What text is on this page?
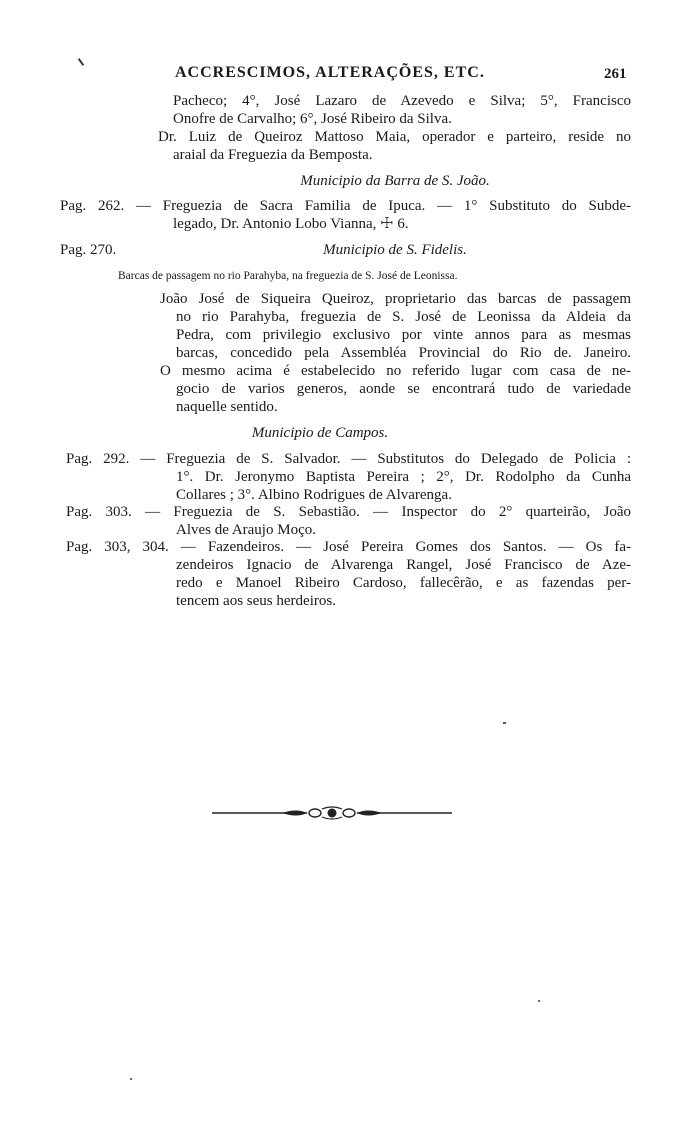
ACCRESCIMOS, ALTERAÇÕES, ETC.	261
Pacheco; 4°, José Lazaro de Azevedo e Silva; 5°, Francisco
Onofre de Carvalho; 6°, José Ribeiro da Silva.
Dr. Luiz de Queiroz Mattoso Maia, operador e parteiro, reside no
araial da Freguezia da Bemposta.
Municipio da Barra de S. João.
Pag. 262. — Freguezia de Sacra Familia de Ipuca. — 1° Substituto do Subde-
legado, Dr. Antonio Lobo Vianna, ☩ 6.
Pag. 270.	Municipio de S. Fidelis.
Barcas de passagem no rio Parahyba, na freguezia de S. José de Leonissa.
João José de Siqueira Queiroz, proprietario das barcas de passagem
no rio Parahyba, freguezia de S. José de Leonissa da Aldeia da
Pedra, com privilegio exclusivo por vinte annos para as mesmas
barcas, concedido pela Assembléa Provincial do Rio de. Janeiro.
O mesmo acima é estabelecido no referido lugar com casa de ne-
gocio de varios generos, aonde se encontrará tudo de variedade
naquelle sentido.
Municipio de Campos.
Pag. 292. — Freguezia de S. Salvador. — Substitutos do Delegado de Policia :
1°. Dr. Jeronymo Baptista Pereira ; 2°, Dr. Rodolpho da Cunha
Collares ; 3°. Albino Rodrigues de Alvarenga.
Pag. 303. — Freguezia de S. Sebastião. — Inspector do 2° quarteirão, João
Alves de Araujo Moço.
Pag. 303, 304. — Fazendeiros. — José Pereira Gomes dos Santos. — Os fa-
zendeiros Ignacio de Alvarenga Rangel, José Francisco de Aze-
redo e Manoel Ribeiro Cardoso, fallecêrão, e as fazendas per-
tencem aos seus herdeiros.
